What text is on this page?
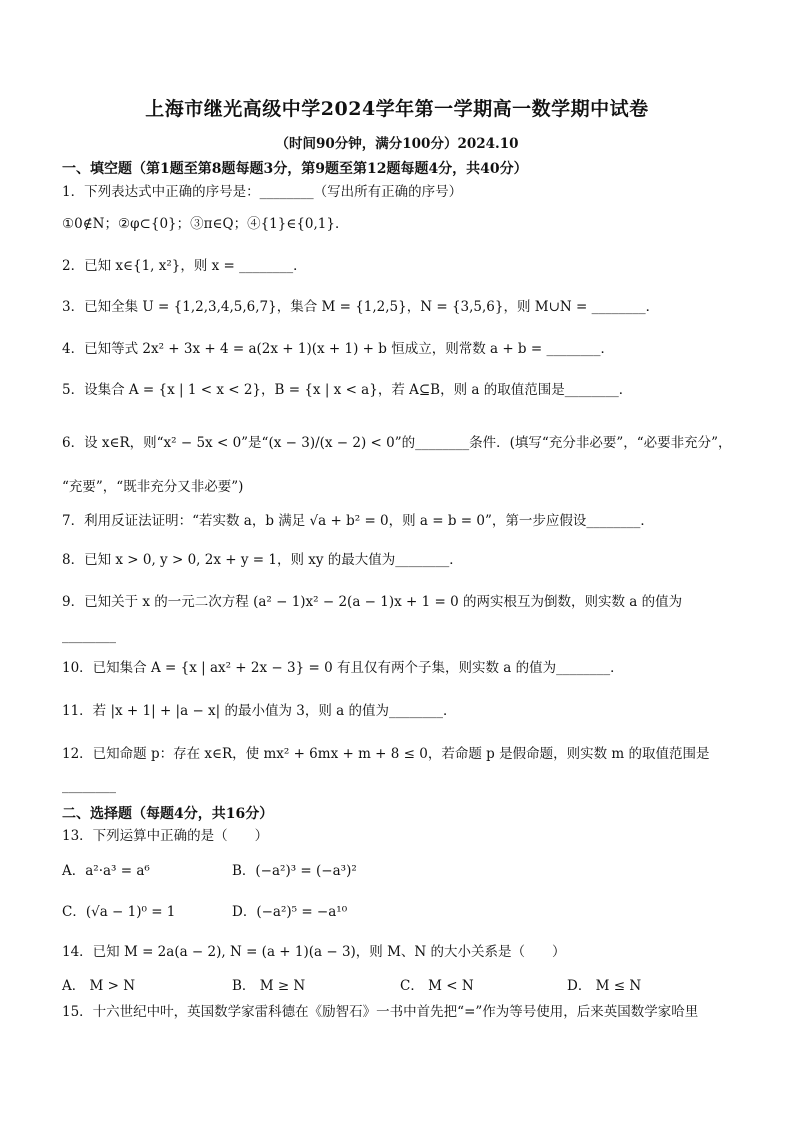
上海市继光高级中学2024学年第一学期高一数学期中试卷
（时间90分钟，满分100分）2024.10
一、填空题（第1题至第8题每题3分，第9题至第12题每题4分，共40分）
1．下列表达式中正确的序号是：________（写出所有正确的序号）
①0∉N；②φ⊂{0}；③π∈Q；④{1}∈{0,1}．
2．已知 x∈{1, x²}，则 x = ________．
3．已知全集 U = {1,2,3,4,5,6,7}，集合 M = {1,2,5}，N = {3,5,6}，则 M∪N = ________．
4．已知等式 2x² + 3x + 4 = a(2x + 1)(x + 1) + b 恒成立，则常数 a + b = ________．
5．设集合 A = {x | 1 < x < 2}，B = {x | x < a}，若 A⊆B，则 a 的取值范围是________．
6．设 x∈R，则“x² − 5x < 0”是“(x − 3)/(x − 2) < 0”的________条件．(填写“充分非必要”，“必要非充分”，
“充要”，“既非充分又非必要”)
7．利用反证法证明：“若实数 a，b 满足 √a + b² = 0，则 a = b = 0”，第一步应假设________．
8．已知 x > 0, y > 0, 2x + y = 1，则 xy 的最大值为________．
9．已知关于 x 的一元二次方程 (a² − 1)x² − 2(a − 1)x + 1 = 0 的两实根互为倒数，则实数 a 的值为
________
10．已知集合 A = {x | ax² + 2x − 3} = 0 有且仅有两个子集，则实数 a 的值为________．
11．若 |x + 1| + |a − x| 的最小值为 3，则 a 的值为________．
12．已知命题 p：存在 x∈R，使 mx² + 6mx + m + 8 ≤ 0，若命题 p 是假命题，则实数 m 的取值范围是
________
二、选择题（每题4分，共16分）
13．下列运算中正确的是（　　）
A．a²·a³ = a⁶	B．(−a²)³ = (−a³)²
C．(√a − 1)⁰ = 1	D．(−a²)⁵ = −a¹⁰
14．已知 M = 2a(a − 2), N = (a + 1)(a − 3)，则 M、N 的大小关系是（　　）
A． M > N	B． M ≥ N	C． M < N	D． M ≤ N
15．十六世纪中叶，英国数学家雷科德在《励智石》一书中首先把“=”作为等号使用，后来英国数学家哈里
